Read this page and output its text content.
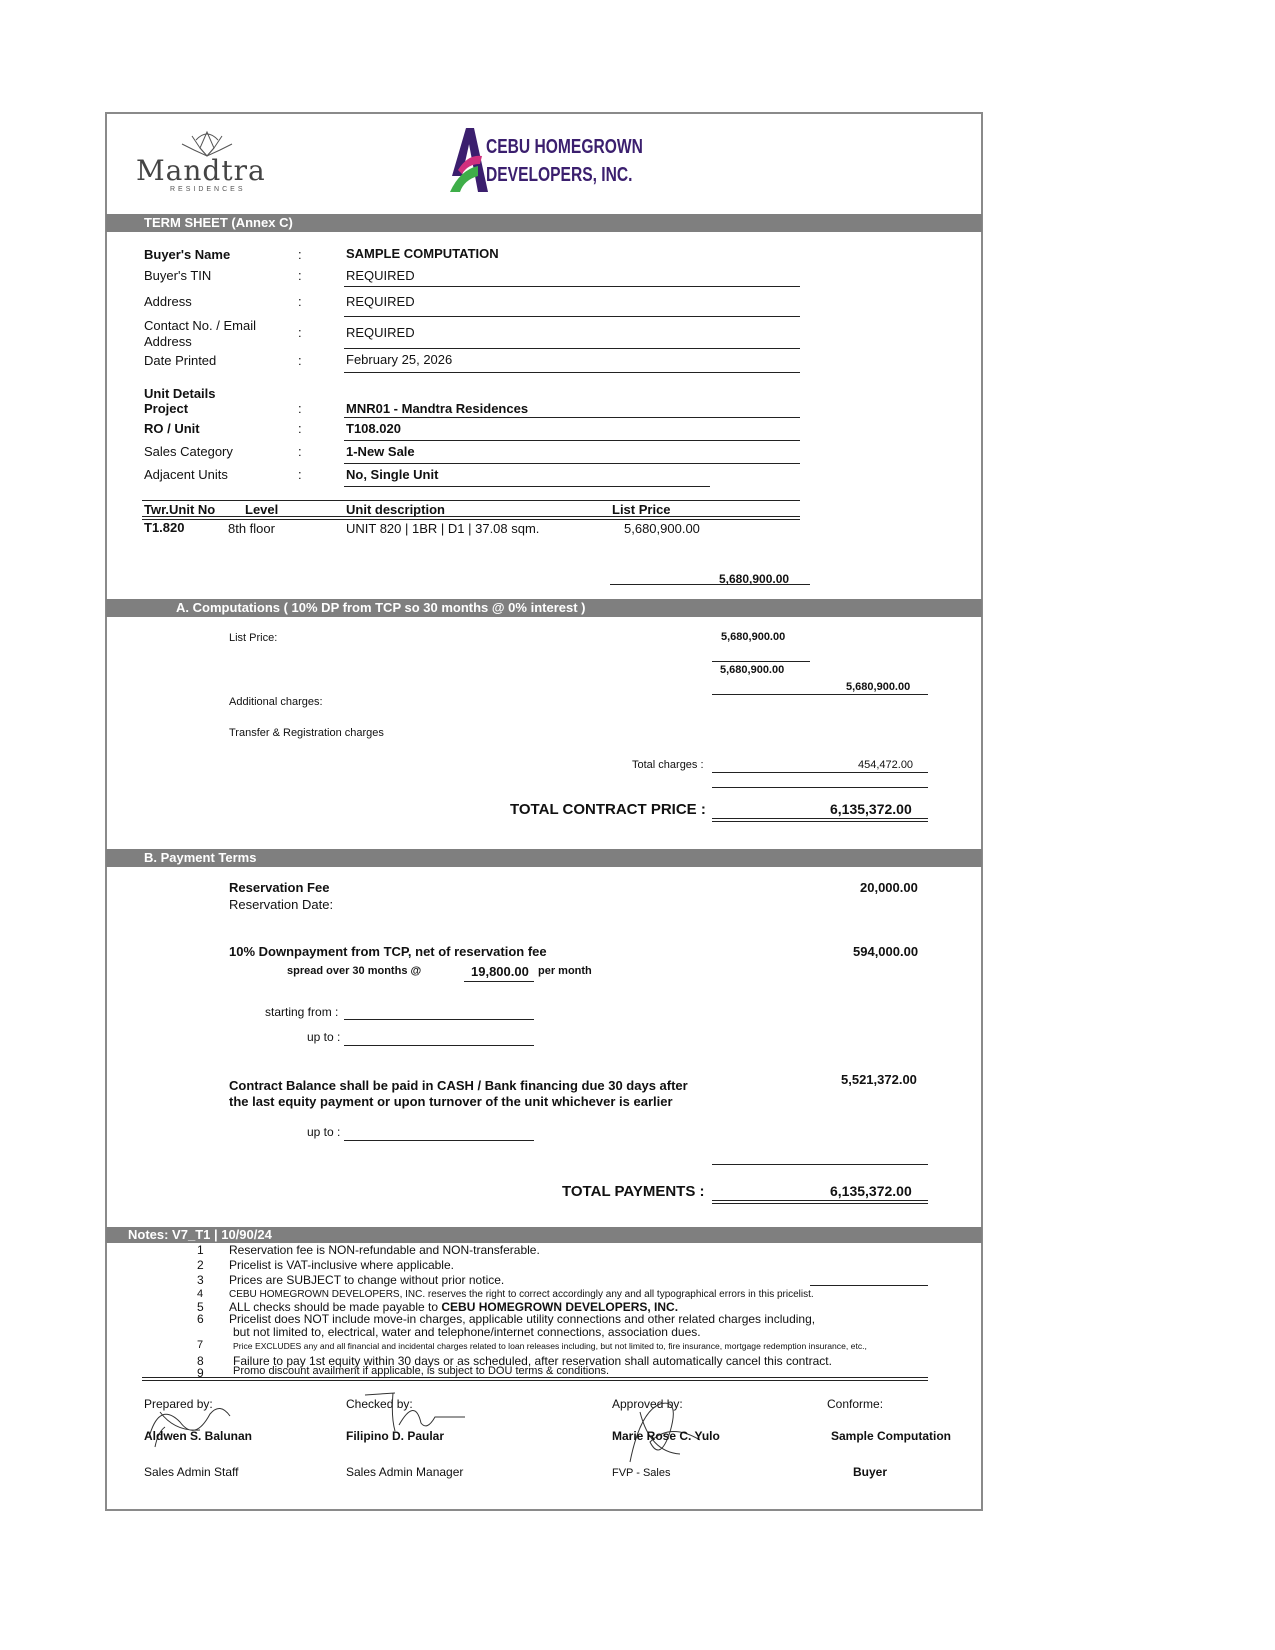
Mandtra
RESIDENCES
CEBU HOMEGROWN
DEVELOPERS, INC.
TERM SHEET (Annex C)
Buyer's Name	:	SAMPLE COMPUTATION
Buyer's TIN	:	REQUIRED
Address	:	REQUIRED
Contact No. / Email
Address
:	REQUIRED
Date Printed	:	February 25, 2026
Unit Details
Project	:	MNR01 - Mandtra Residences
RO / Unit	:	T108.020
Sales Category	:	1-New Sale
Adjacent Units	:	No, Single Unit
Twr.Unit No Level	Unit description	List Price
T1.820	8th floor	UNIT 820 | 1BR | D1 | 37.08 sqm.	5,680,900.00
5,680,900.00
A. Computations ( 10% DP from TCP so 30 months @ 0% interest )
List Price:	5,680,900.00
5,680,900.00
5,680,900.00
Additional charges:
Transfer & Registration charges
Total charges :	454,472.00
TOTAL CONTRACT PRICE :	6,135,372.00
B. Payment Terms
Reservation Fee	20,000.00
Reservation Date:
10% Downpayment from TCP, net of reservation fee	594,000.00
spread over 30 months @	19,800.00 per month
starting from :
up to :
Contract Balance shall be paid in CASH / Bank financing due 30 days after
the last equity payment or upon turnover of the unit whichever is earlier
5,521,372.00
up to :
TOTAL PAYMENTS :	6,135,372.00
Notes: V7_T1 | 10/90/24
1 Reservation fee is NON-refundable and NON-transferable.
2 Pricelist is VAT-inclusive where applicable.
3 Prices are SUBJECT to change without prior notice.
4	CEBU HOMEGROWN DEVELOPERS, INC. reserves the right to correct accordingly any and all typographical errors in this pricelist.
5 ALL checks should be made payable to CEBU HOMEGROWN DEVELOPERS, INC.
6 Pricelist does NOT include move-in charges, applicable utility connections and other related charges including,
but not limited to, electrical, water and telephone/internet connections, association dues.
7	Price EXCLUDES any and all financial and incidental charges related to loan releases including, but not limited to, fire insurance, mortgage redemption insurance, etc.,
8 Failure to pay 1st equity within 30 days or as scheduled, after reservation shall automatically cancel this contract.
9	Promo discount availment if applicable, is subject to DOU terms & conditions.
Prepared by:	Checked by:	Approved by:	Conforme:
Aldwen S. Balunan	Filipino D. Paular	Marie Rose C. Yulo	Sample Computation
Sales Admin Staff	Sales Admin Manager	FVP - Sales	Buyer
